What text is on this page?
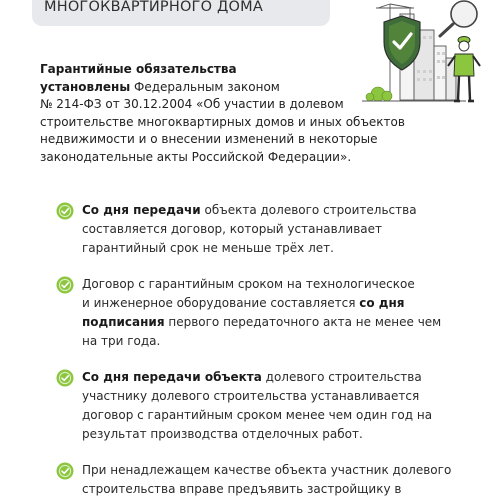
МНОГОКВАРТИРНОГО ДОМА
Гарантийные обязательства
установлены Федеральным законом
№ 214-ФЗ от 30.12.2004 «Об участии в долевом
строительстве многоквартирных домов и иных объектов
недвижимости и о внесении изменений в некоторые
законодательные акты Российской Федерации».
Со дня передачи объекта долевого строительства
составляется договор, который устанавливает
гарантийный срок не меньше трёх лет.
Договор с гарантийным сроком на технологическое
и инженерное оборудование составляется со дня
подписания первого передаточного акта не менее чем
на три года.
Со дня передачи объекта долевого строительства
участнику долевого строительства устанавливается
договор с гарантийным сроком менее чем один год на
результат производства отделочных работ.
При ненадлежащем качестве объекта участник долевого
строительства вправе предъявить застройщику в
